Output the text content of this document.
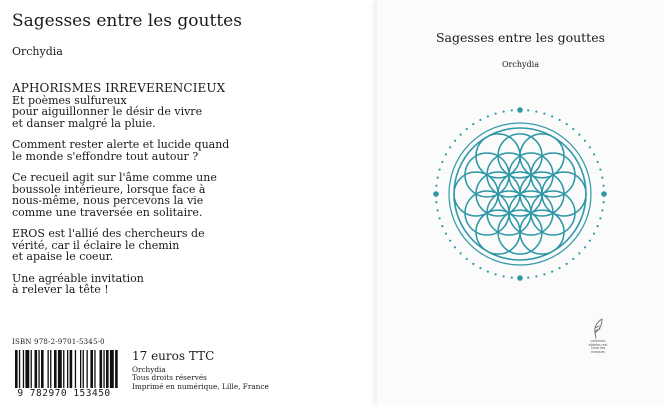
Sagesses entre les gouttes
Orchydia

APHORISMES IRREVERENCIEUX
Et poèmes sulfureux
pour aiguillonner le désir de vivre
et danser malgré la pluie.

Comment rester alerte et lucide quand
le monde s'effondre tout autour ?

Ce recueil agit sur l'âme comme une
boussole intérieure, lorsque face à
nous-même, nous percevons la vie
comme une traversée en solitaire.

EROS est l'allié des chercheurs de
vérité, car il éclaire le chemin
et apaise le coeur.

Une agréable invitation
à relever la tête !

ISBN 978-2-9701-5345-0
9 782970 153450
17 euros TTC
Orchydia
Tous droits réservés
Imprimé en numérique, Lille, France
Sagesses entre les gouttes
Orchydia
collection
allatéou est
luma des
marques
